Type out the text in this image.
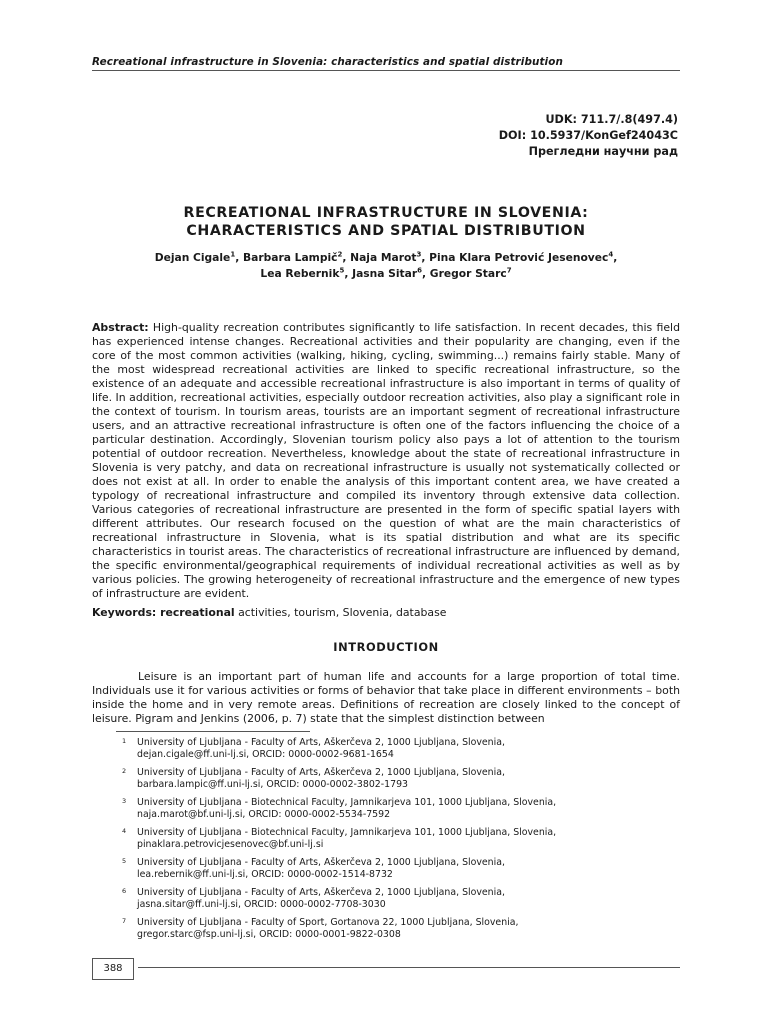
Recreational infrastructure in Slovenia: characteristics and spatial distribution
UDK: 711.7/.8(497.4)
DOI: 10.5937/KonGef24043C
Прегледни научни рад
RECREATIONAL INFRASTRUCTURE IN SLOVENIA:
CHARACTERISTICS AND SPATIAL DISTRIBUTION
Dejan Cigale$^1$, Barbara Lampič$^2$, Naja Marot$^3$, Pina Klara Petrović Jesenovec$^4$,
Lea Rebernik$^5$, Jasna Sitar$^6$, Gregor Starc$^7$
Abstract: High-quality recreation contributes significantly to life satisfaction. In recent decades, this field has experienced intense changes. Recreational activities and their popularity are changing, even if the core of the most common activities (walking, hiking, cycling, swimming...) remains fairly stable. Many of the most widespread recreational activities are linked to specific recreational infrastructure, so the existence of an adequate and accessible recreational infrastructure is also important in terms of quality of life. In addition, recreational activities, especially outdoor recreation activities, also play a significant role in the context of tourism. In tourism areas, tourists are an important segment of recreational infrastructure users, and an attractive recreational infrastructure is often one of the factors influencing the choice of a particular destination. Accordingly, Slovenian tourism policy also pays a lot of attention to the tourism potential of outdoor recreation. Nevertheless, knowledge about the state of recreational infrastructure in Slovenia is very patchy, and data on recreational infrastructure is usually not systematically collected or does not exist at all. In order to enable the analysis of this important content area, we have created a typology of recreational infrastructure and compiled its inventory through extensive data collection. Various categories of recreational infrastructure are presented in the form of specific spatial layers with different attributes. Our research focused on the question of what are the main characteristics of recreational infrastructure in Slovenia, what is its spatial distribution and what are its specific characteristics in tourist areas. The characteristics of recreational infrastructure are influenced by demand, the specific environmental/geographical requirements of individual recreational activities as well as by various policies. The growing heterogeneity of recreational infrastructure and the emergence of new types of infrastructure are evident.
Keywords: recreational activities, tourism, Slovenia, database
INTRODUCTION
Leisure is an important part of human life and accounts for a large proportion of total time. Individuals use it for various activities or forms of behavior that take place in different environments – both inside the home and in very remote areas. Definitions of recreation are closely linked to the concept of leisure. Pigram and Jenkins (2006, p. 7) state that the simplest distinction between
1 University of Ljubljana - Faculty of Arts, Aškerčeva 2, 1000 Ljubljana, Slovenia,
dejan.cigale@ff.uni-lj.si, ORCID: 0000-0002-9681-1654
2 University of Ljubljana - Faculty of Arts, Aškerčeva 2, 1000 Ljubljana, Slovenia,
barbara.lampic@ff.uni-lj.si, ORCID: 0000-0002-3802-1793
3 University of Ljubljana - Biotechnical Faculty, Jamnikarjeva 101, 1000 Ljubljana, Slovenia,
naja.marot@bf.uni-lj.si, ORCID: 0000-0002-5534-7592
4 University of Ljubljana - Biotechnical Faculty, Jamnikarjeva 101, 1000 Ljubljana, Slovenia,
pinaklara.petrovicjesenovec@bf.uni-lj.si
5 University of Ljubljana - Faculty of Arts, Aškerčeva 2, 1000 Ljubljana, Slovenia,
lea.rebernik@ff.uni-lj.si, ORCID: 0000-0002-1514-8732
6 University of Ljubljana - Faculty of Arts, Aškerčeva 2, 1000 Ljubljana, Slovenia,
jasna.sitar@ff.uni-lj.si, ORCID: 0000-0002-7708-3030
7 University of Ljubljana - Faculty of Sport, Gortanova 22, 1000 Ljubljana, Slovenia,
gregor.starc@fsp.uni-lj.si, ORCID: 0000-0001-9822-0308
388
